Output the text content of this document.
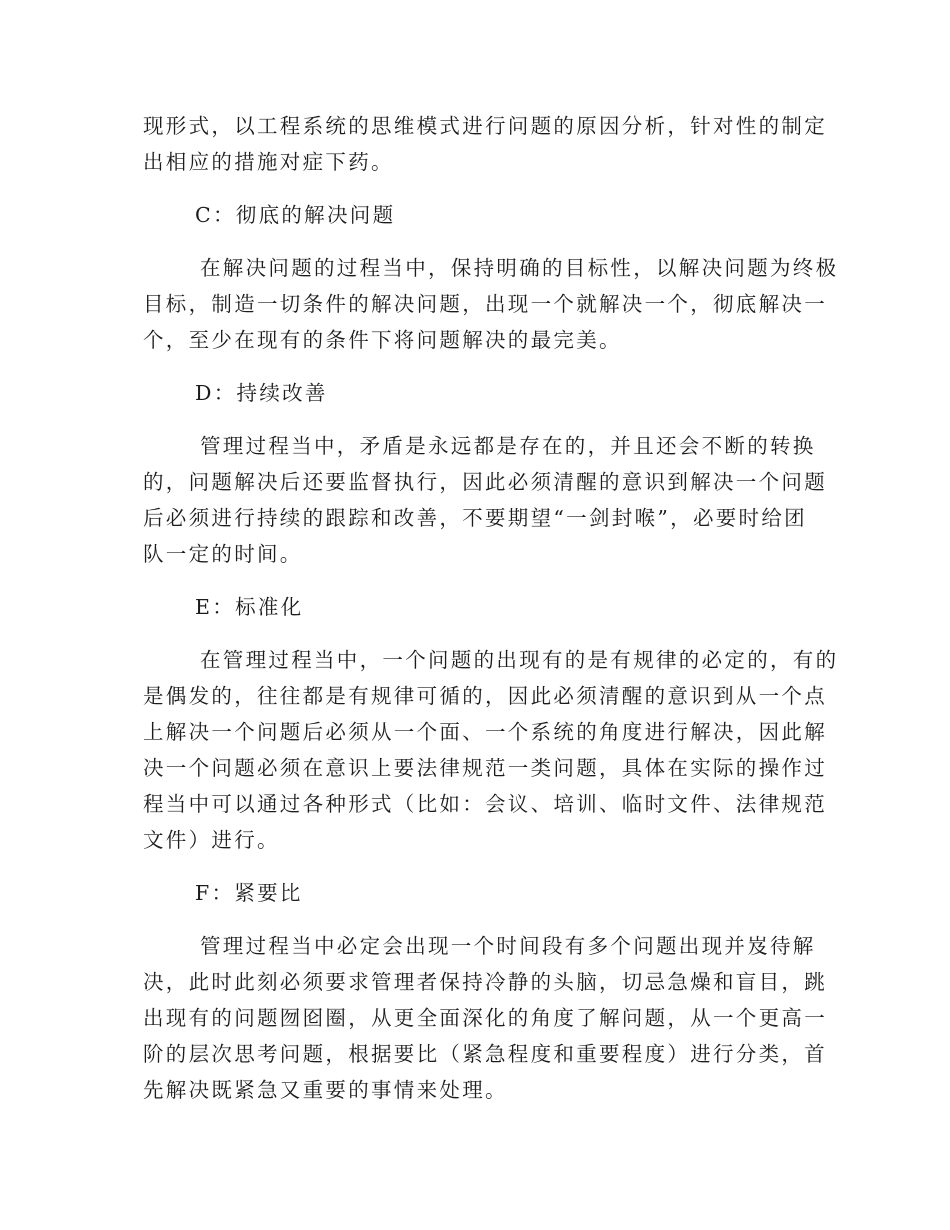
现形式，以工程系统的思维模式进行问题的原因分析，针对性的制定
出相应的措施对症下药。

C：彻底的解决问题

在解决问题的过程当中，保持明确的目标性，以解决问题为终极
目标，制造一切条件的解决问题，出现一个就解决一个，彻底解决一
个，至少在现有的条件下将问题解决的最完美。

D：持续改善

管理过程当中，矛盾是永远都是存在的，并且还会不断的转换
的，问题解决后还要监督执行，因此必须清醒的意识到解决一个问题
后必须进行持续的跟踪和改善，不要期望“一剑封喉”，必要时给团
队一定的时间。

E：标准化

在管理过程当中，一个问题的出现有的是有规律的必定的，有的
是偶发的，往往都是有规律可循的，因此必须清醒的意识到从一个点
上解决一个问题后必须从一个面、一个系统的角度进行解决，因此解
决一个问题必须在意识上要法律规范一类问题，具体在实际的操作过
程当中可以通过各种形式（比如：会议、培训、临时文件、法律规范
文件）进行。

F：紧要比

管理过程当中必定会出现一个时间段有多个问题出现并岌待解
决，此时此刻必须要求管理者保持冷静的头脑，切忌急燥和盲目，跳
出现有的问题囫囵圈，从更全面深化的角度了解问题，从一个更高一
阶的层次思考问题，根据要比（紧急程度和重要程度）进行分类，首
先解决既紧急又重要的事情来处理。
